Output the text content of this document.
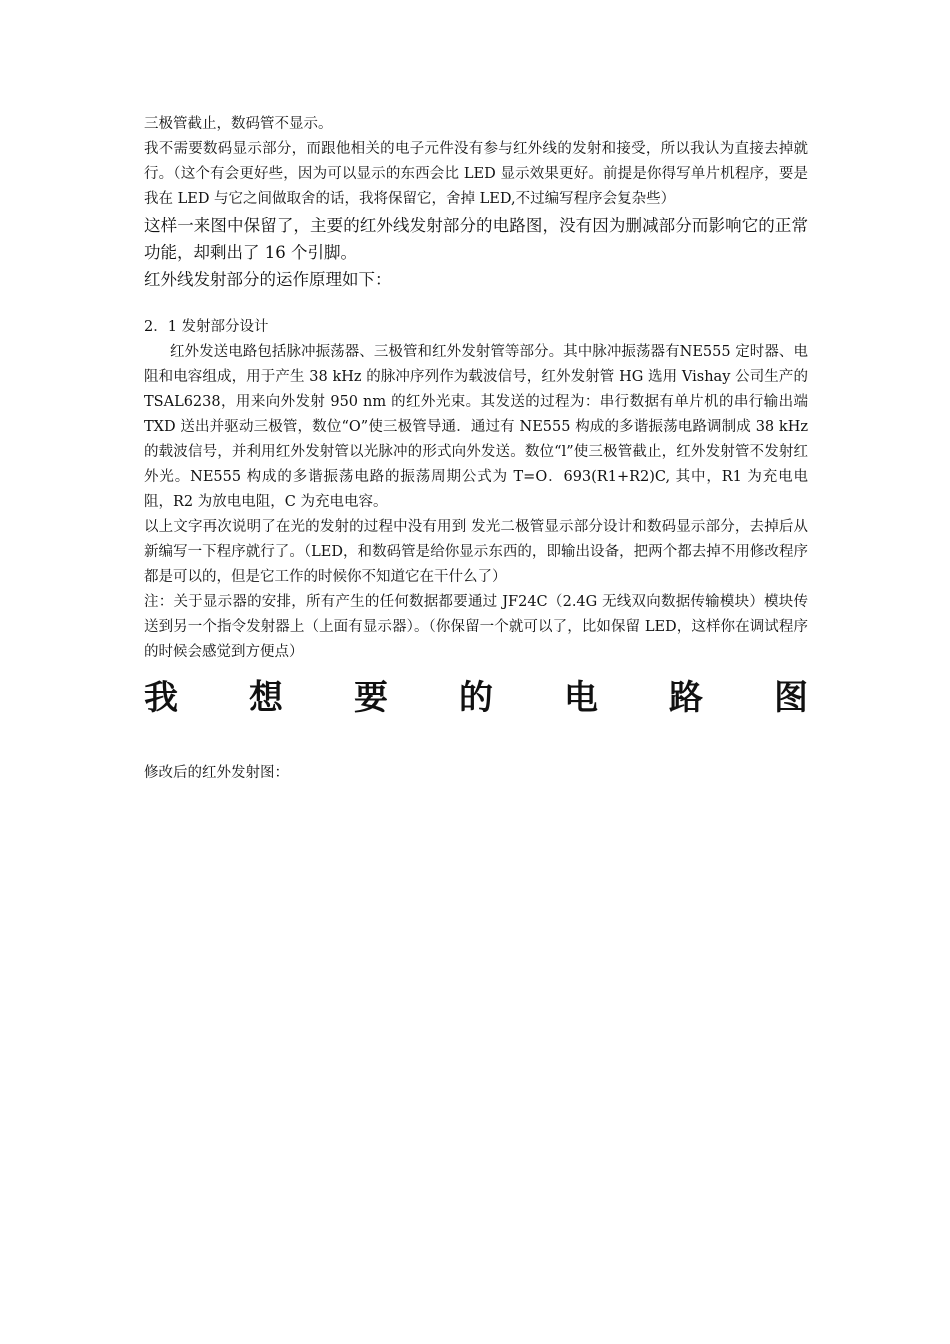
三极管截止，数码管不显示。

我不需要数码显示部分，而跟他相关的电子元件没有参与红外线的发射和接受，所以我认为直接去掉就行。（这个有会更好些，因为可以显示的东西会比 LED 显示效果更好。前提是你得写单片机程序，要是我在 LED 与它之间做取舍的话，我将保留它，舍掉 LED,不过编写程序会复杂些）

这样一来图中保留了，主要的红外线发射部分的电路图，没有因为删减部分而影响它的正常功能，却剩出了 16 个引脚。

红外线发射部分的运作原理如下：

2．1 发射部分设计

红外发送电路包括脉冲振荡器、三极管和红外发射管等部分。其中脉冲振荡器有NE555 定时器、电阻和电容组成，用于产生 38 kHz 的脉冲序列作为载波信号，红外发射管 HG 选用 Vishay 公司生产的 TSAL6238，用来向外发射 950 nm 的红外光束。其发送的过程为：串行数据有单片机的串行输出端 TXD 送出并驱动三极管，数位“O”使三极管导通．通过有 NE555 构成的多谐振荡电路调制成 38 kHz 的载波信号，并利用红外发射管以光脉冲的形式向外发送。数位“l”使三极管截止，红外发射管不发射红外光。NE555 构成的多谐振荡电路的振荡周期公式为 T=O．693(R1+R2)C, 其中，R1 为充电电阻，R2 为放电电阻，C 为充电电容。

以上文字再次说明了在光的发射的过程中没有用到 发光二极管显示部分设计和数码显示部分，去掉后从新编写一下程序就行了。（LED，和数码管是给你显示东西的，即输出设备，把两个都去掉不用修改程序都是可以的，但是它工作的时候你不知道它在干什么了）

注：关于显示器的安排，所有产生的任何数据都要通过 JF24C（2.4G 无线双向数据传输模块）模块传送到另一个指令发射器上（上面有显示器）。（你保留一个就可以了，比如保留 LED，这样你在调试程序的时候会感觉到方便点）

我 想 要 的 电 路 图

修改后的红外发射图：
